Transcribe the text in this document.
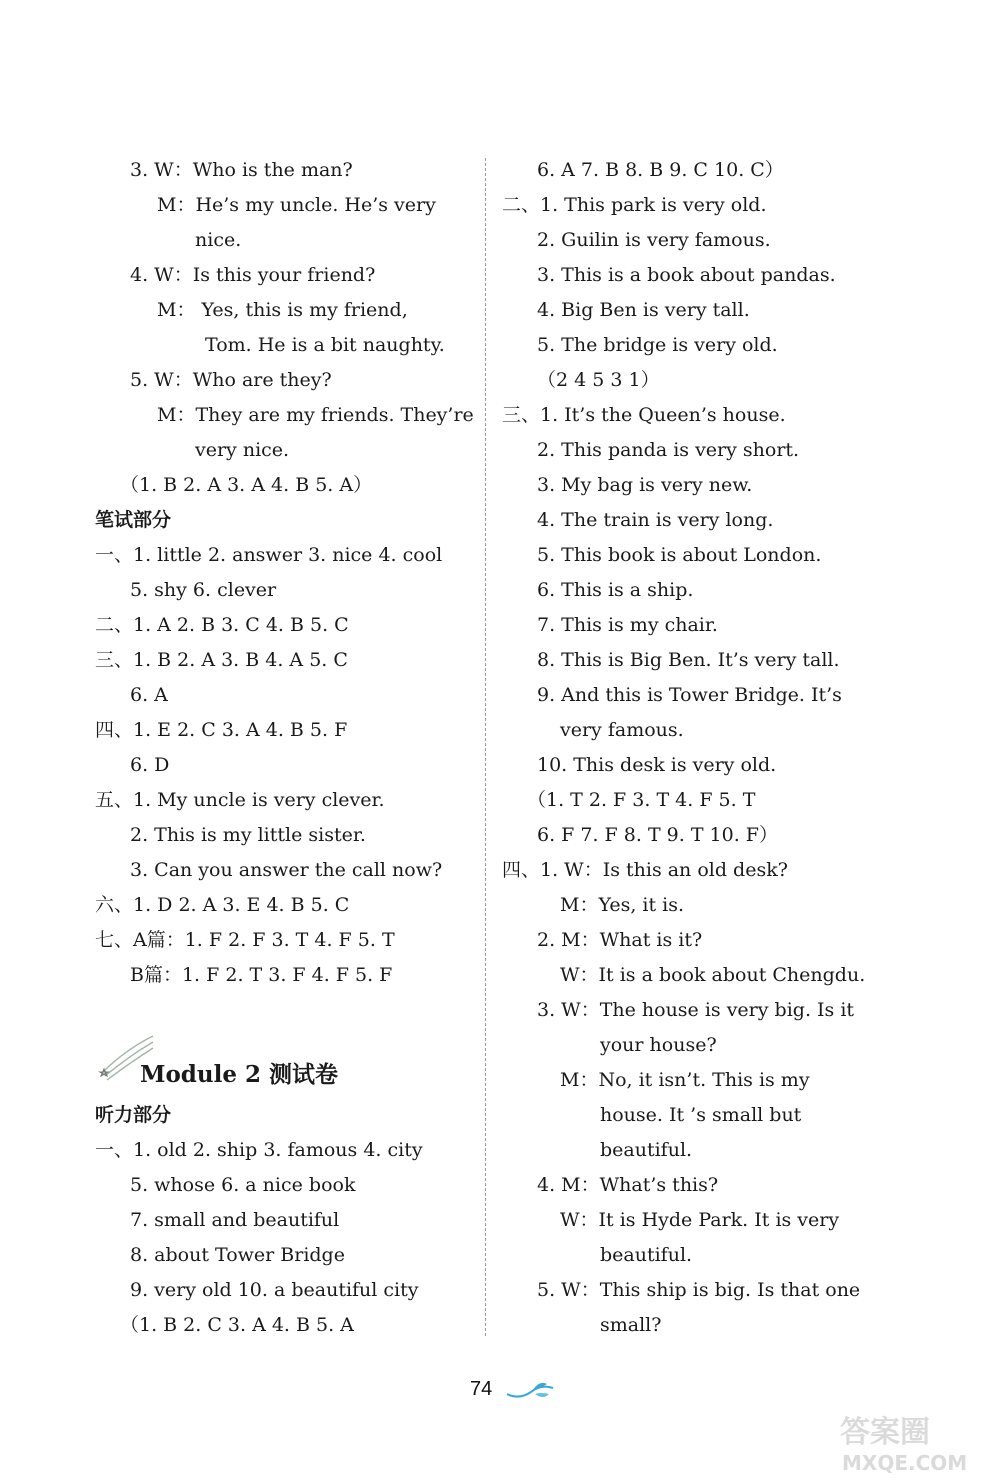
3. W：Who is the man?
M：He’s my uncle. He’s very
nice.
4. W：Is this your friend?
M： Yes, this is my friend,
Tom. He is a bit naughty.
5. W：Who are they?
M：They are my friends. They’re
very nice.
（1. B 2. A 3. A 4. B 5. A）
笔试部分
一、1. little 2. answer 3. nice 4. cool
5. shy 6. clever
二、1. A 2. B 3. C 4. B 5. C
三、1. B 2. A 3. B 4. A 5. C
6. A
四、1. E 2. C 3. A 4. B 5. F
6. D
五、1. My uncle is very clever.
2. This is my little sister.
3. Can you answer the call now?
六、1. D 2. A 3. E 4. B 5. C
七、A篇：1. F 2. F 3. T 4. F 5. T
B篇：1. F 2. T 3. F 4. F 5. F
Module 2 测试卷
听力部分
一、1. old 2. ship 3. famous 4. city
5. whose 6. a nice book
7. small and beautiful
8. about Tower Bridge
9. very old 10. a beautiful city
（1. B 2. C 3. A 4. B 5. A
6. A 7. B 8. B 9. C 10. C）
二、1. This park is very old.
2. Guilin is very famous.
3. This is a book about pandas.
4. Big Ben is very tall.
5. The bridge is very old.
（2 4 5 3 1）
三、1. It’s the Queen’s house.
2. This panda is very short.
3. My bag is very new.
4. The train is very long.
5. This book is about London.
6. This is a ship.
7. This is my chair.
8. This is Big Ben. It’s very tall.
9. And this is Tower Bridge. It’s
very famous.
10. This desk is very old.
（1. T 2. F 3. T 4. F 5. T
6. F 7. F 8. T 9. T 10. F）
四、1. W：Is this an old desk?
M：Yes, it is.
2. M：What is it?
W：It is a book about Chengdu.
3. W：The house is very big. Is it
your house?
M：No, it isn’t. This is my
house. It ’s small but
beautiful.
4. M：What’s this?
W：It is Hyde Park. It is very
beautiful.
5. W：This ship is big. Is that one
small?
74
答案圈
MXQE.COM
